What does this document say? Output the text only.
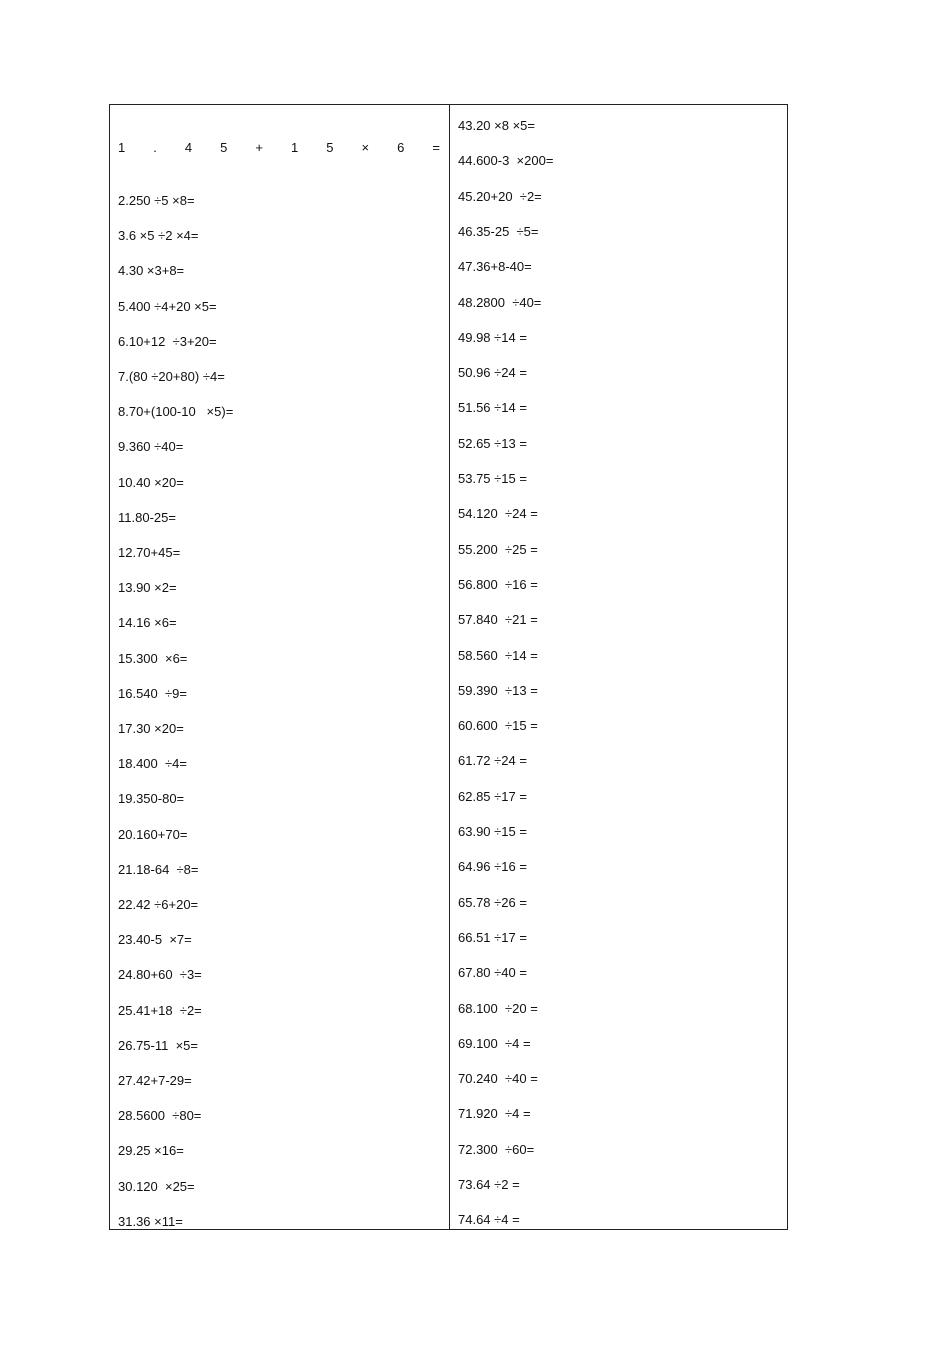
1 . 4 5 + 1 5 × 6 =
2.250 ÷5 ×8=
3.6 ×5 ÷2 ×4=
4.30 ×3+8=
5.400 ÷4+20 ×5=
6.10+12  ÷3+20=
7.(80 ÷20+80) ÷4=
8.70+(100-10   ×5)=
9.360 ÷40=
10.40 ×20=
11.80-25=
12.70+45=
13.90 ×2=
14.16 ×6=
15.300  ×6=
16.540  ÷9=
17.30 ×20=
18.400  ÷4=
19.350-80=
20.160+70=
21.18-64  ÷8=
22.42 ÷6+20=
23.40-5  ×7=
24.80+60  ÷3=
25.41+18  ÷2=
26.75-11  ×5=
27.42+7-29=
28.5600  ÷80=
29.25 ×16=
30.120  ×25=
31.36 ×11=
43.20 ×8 ×5=
44.600-3  ×200=
45.20+20  ÷2=
46.35-25  ÷5=
47.36+8-40=
48.2800  ÷40=
49.98 ÷14 =
50.96 ÷24 =
51.56 ÷14 =
52.65 ÷13 =
53.75 ÷15 =
54.120  ÷24 =
55.200  ÷25 =
56.800  ÷16 =
57.840  ÷21 =
58.560  ÷14 =
59.390  ÷13 =
60.600  ÷15 =
61.72 ÷24 =
62.85 ÷17 =
63.90 ÷15 =
64.96 ÷16 =
65.78 ÷26 =
66.51 ÷17 =
67.80 ÷40 =
68.100  ÷20 =
69.100  ÷4 =
70.240  ÷40 =
71.920  ÷4 =
72.300  ÷60=
73.64 ÷2 =
74.64 ÷4 =
